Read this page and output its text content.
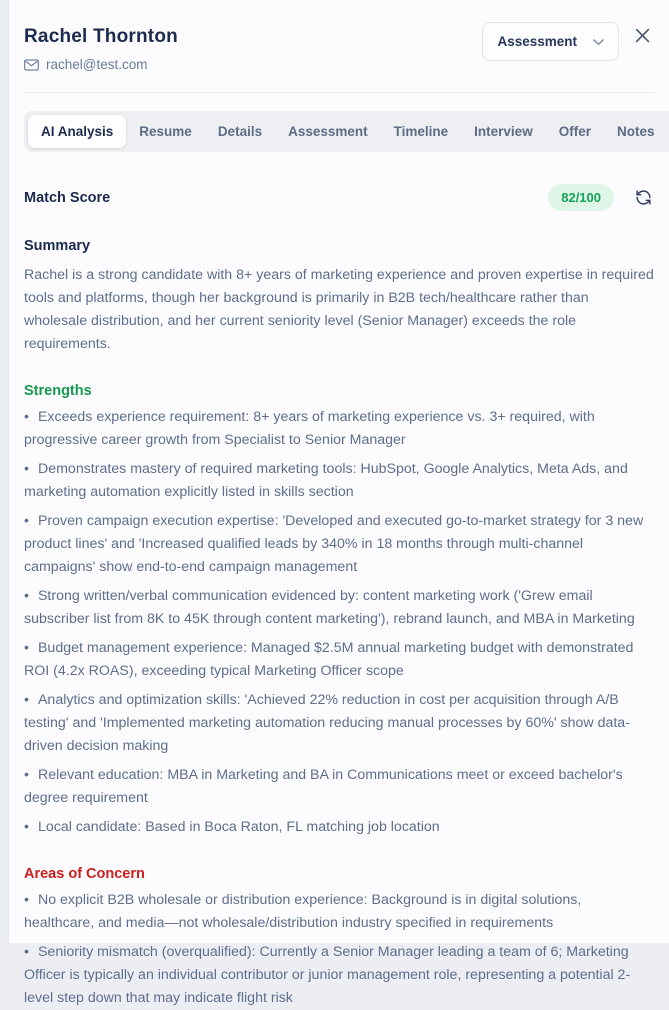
Rachel Thornton
rachel@test.com
Assessment
AI Analysis	Resume	Details	Assessment	Timeline	Interview	Offer	Notes
Match Score	82/100
Summary

Rachel is a strong candidate with 8+ years of marketing experience and proven expertise in required tools and platforms, though her background is primarily in B2B tech/healthcare rather than wholesale distribution, and her current seniority level (Senior Manager) exceeds the role requirements.

Strengths
• Exceeds experience requirement: 8+ years of marketing experience vs. 3+ required, with progressive career growth from Specialist to Senior Manager
• Demonstrates mastery of required marketing tools: HubSpot, Google Analytics, Meta Ads, and marketing automation explicitly listed in skills section
• Proven campaign execution expertise: 'Developed and executed go-to-market strategy for 3 new product lines' and 'Increased qualified leads by 340% in 18 months through multi-channel campaigns' show end-to-end campaign management
• Strong written/verbal communication evidenced by: content marketing work ('Grew email subscriber list from 8K to 45K through content marketing'), rebrand launch, and MBA in Marketing
• Budget management experience: Managed $2.5M annual marketing budget with demonstrated ROI (4.2x ROAS), exceeding typical Marketing Officer scope
• Analytics and optimization skills: 'Achieved 22% reduction in cost per acquisition through A/B testing' and 'Implemented marketing automation reducing manual processes by 60%' show data-driven decision making
• Relevant education: MBA in Marketing and BA in Communications meet or exceed bachelor's degree requirement
• Local candidate: Based in Boca Raton, FL matching job location
Areas of Concern
• No explicit B2B wholesale or distribution experience: Background is in digital solutions, healthcare, and media—not wholesale/distribution industry specified in requirements
• Seniority mismatch (overqualified): Currently a Senior Manager leading a team of 6; Marketing Officer is typically an individual contributor or junior management role, representing a potential 2-level step down that may indicate flight risk
